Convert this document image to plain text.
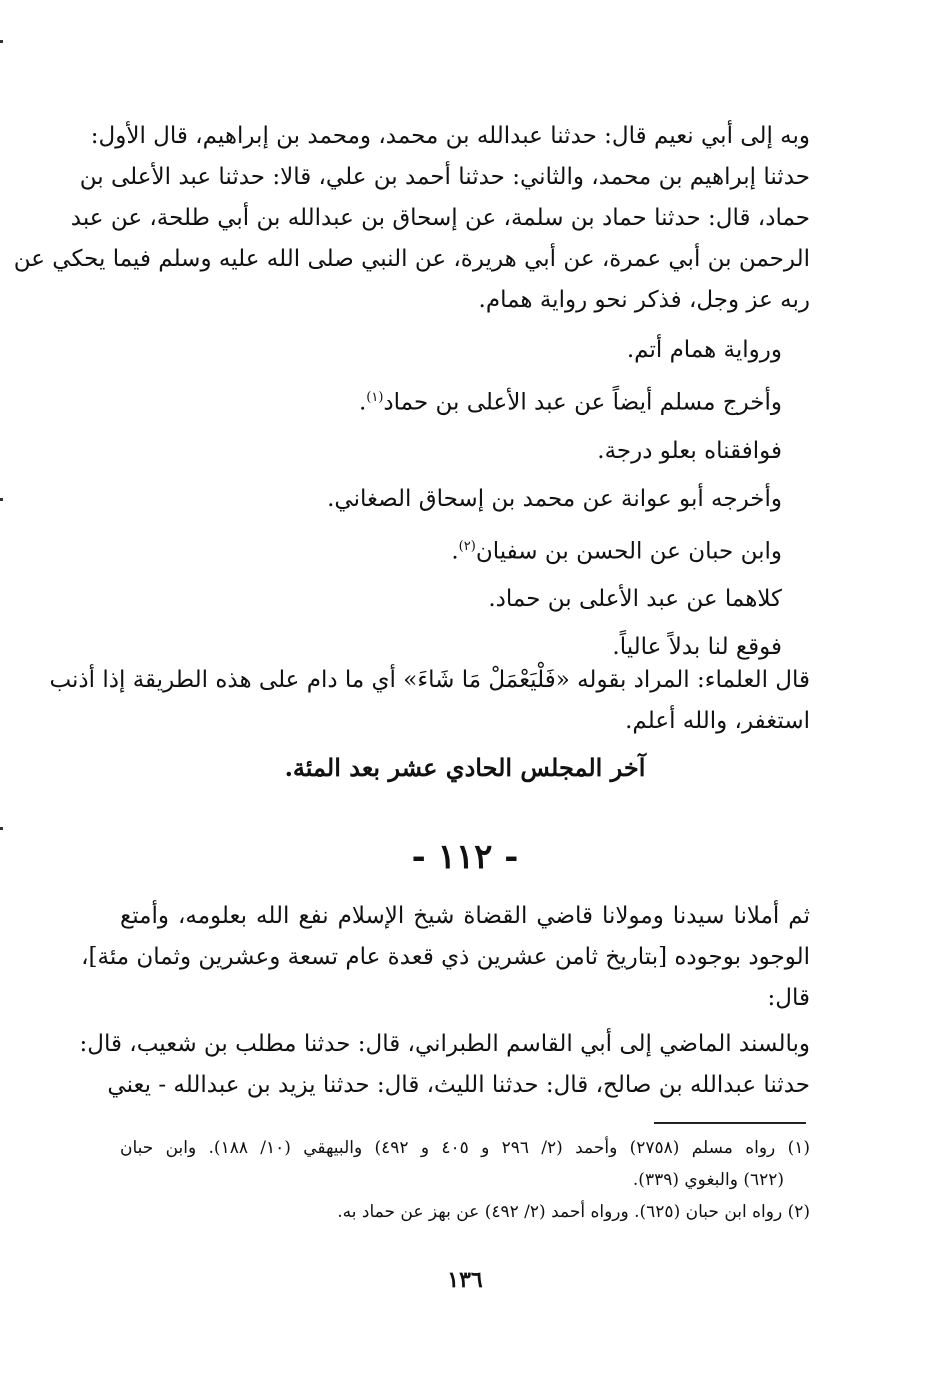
وبه إلى أبي نعيم قال: حدثنا عبدالله بن محمد، ومحمد بن إبراهيم، قال الأول:
حدثنا إبراهيم بن محمد، والثاني: حدثنا أحمد بن علي، قالا: حدثنا عبد الأعلى بن
حماد، قال: حدثنا حماد بن سلمة، عن إسحاق بن عبدالله بن أبي طلحة، عن عبد
الرحمن بن أبي عمرة، عن أبي هريرة، عن النبي صلى الله عليه وسلم فيما يحكي عن
ربه عز وجل، فذكر نحو رواية همام.
ورواية همام أتم.
وأخرج مسلم أيضاً عن عبد الأعلى بن حماد$^{(١)}$.
فوافقناه بعلو درجة.
وأخرجه أبو عوانة عن محمد بن إسحاق الصغاني.
وابن حبان عن الحسن بن سفيان$^{(٢)}$.
كلاهما عن عبد الأعلى بن حماد.
فوقع لنا بدلاً عالياً.
قال العلماء: المراد بقوله «فَلْيَعْمَلْ مَا شَاءَ» أي ما دام على هذه الطريقة إذا أذنب
استغفر، والله أعلم.
آخر المجلس الحادي عشر بعد المئة.
- ١١٢ -
ثم أملانا سيدنا ومولانا قاضي القضاة شيخ الإسلام نفع الله بعلومه، وأمتع
الوجود بوجوده [بتاريخ ثامن عشرين ذي قعدة عام تسعة وعشرين وثمان مئة]،
قال:
وبالسند الماضي إلى أبي القاسم الطبراني، قال: حدثنا مطلب بن شعيب، قال:
حدثنا عبدالله بن صالح، قال: حدثنا الليث، قال: حدثنا يزيد بن عبدالله - يعني
(١) رواه مسلم (٢٧٥٨) وأحمد (٢/ ٢٩٦ و ٤٠٥ و ٤٩٢) والبيهقي (١٠/ ١٨٨). وابن حبان
(٦٢٢) والبغوي (٣٣٩).
(٢) رواه ابن حبان (٦٢٥). ورواه أحمد (٢/ ٤٩٢) عن بهز عن حماد به.
١٣٦
